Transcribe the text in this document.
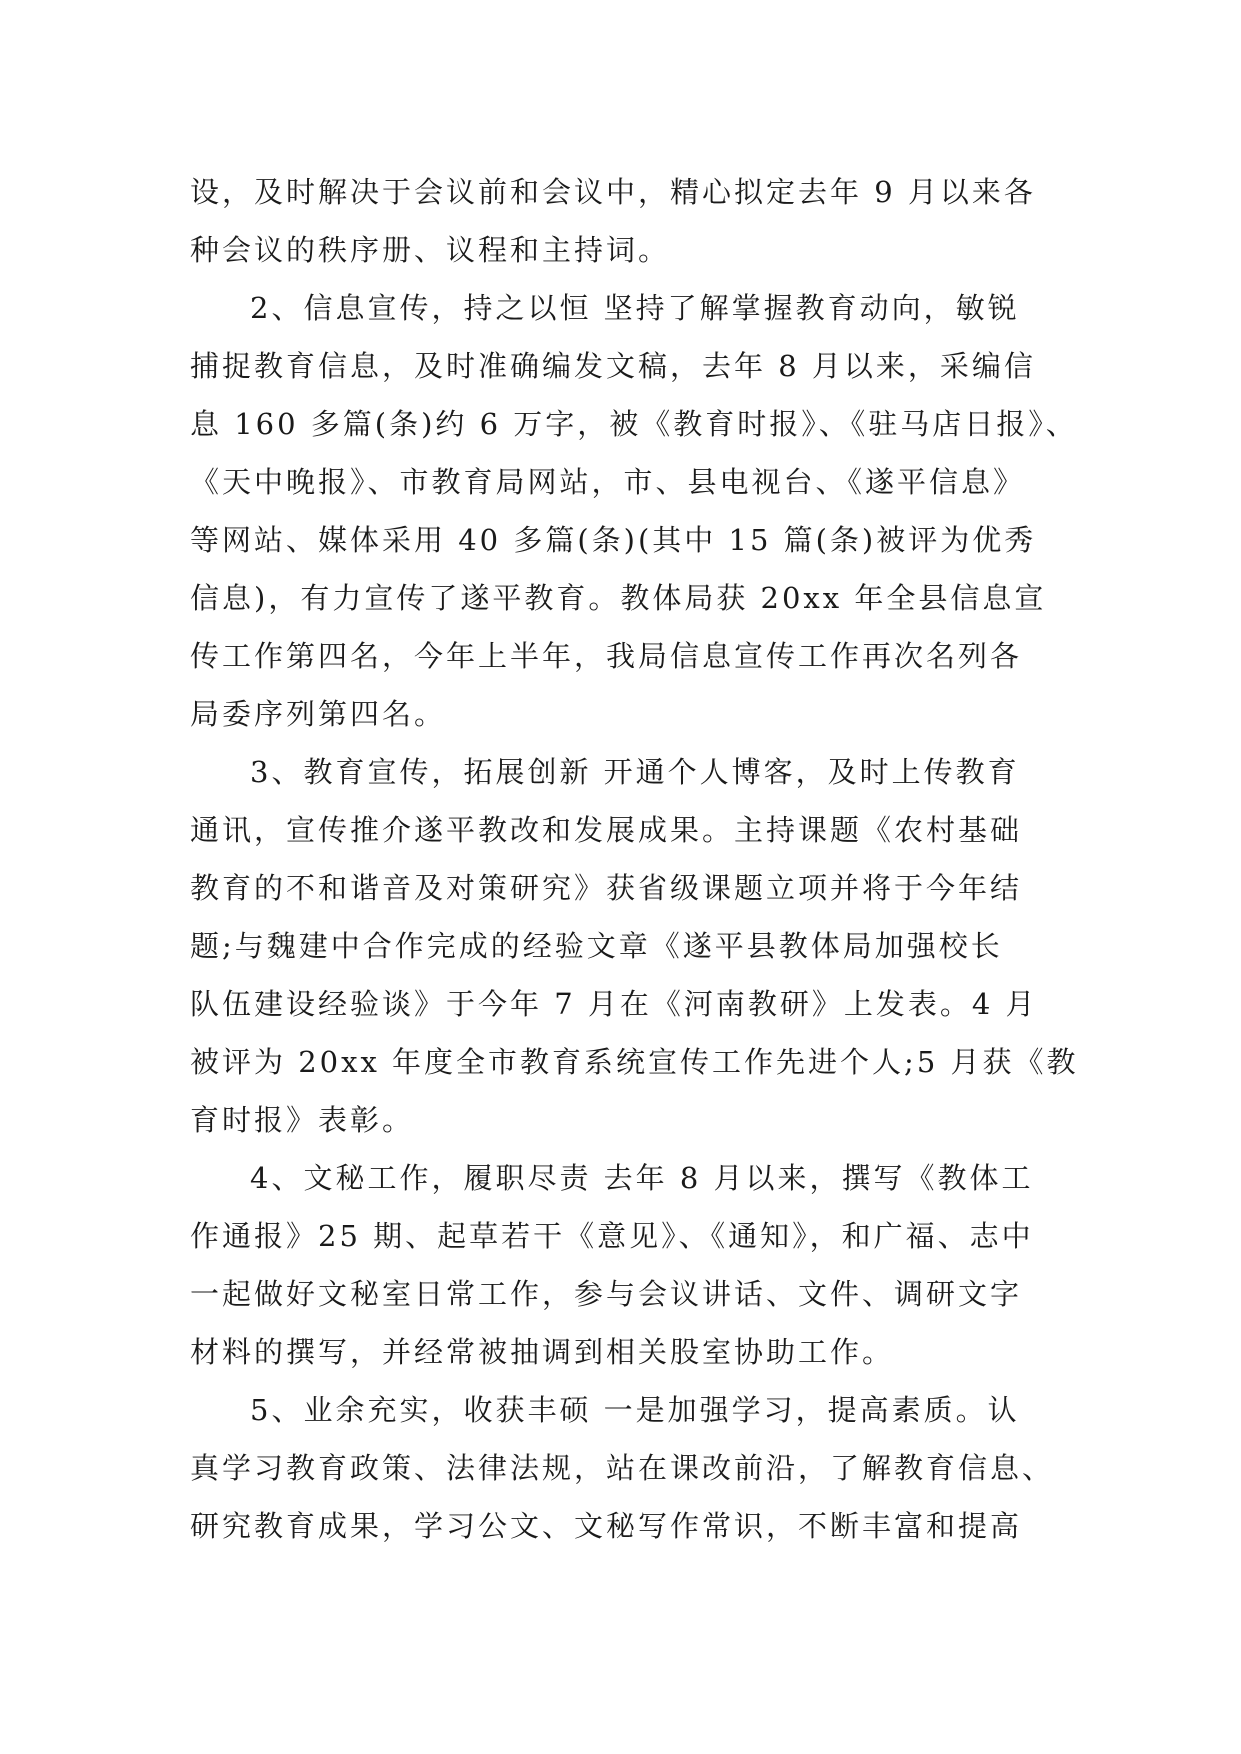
设，及时解决于会议前和会议中，精心拟定去年 9 月以来各
种会议的秩序册、议程和主持词。
2、信息宣传，持之以恒 坚持了解掌握教育动向，敏锐
捕捉教育信息，及时准确编发文稿，去年 8 月以来，采编信
息 160 多篇(条)约 6 万字，被《教育时报》、《驻马店日报》、
《天中晚报》、市教育局网站，市、县电视台、《遂平信息》
等网站、媒体采用 40 多篇(条)(其中 15 篇(条)被评为优秀
信息)，有力宣传了遂平教育。教体局获 20xx 年全县信息宣
传工作第四名，今年上半年，我局信息宣传工作再次名列各
局委序列第四名。
3、教育宣传，拓展创新 开通个人博客，及时上传教育
通讯，宣传推介遂平教改和发展成果。主持课题《农村基础
教育的不和谐音及对策研究》获省级课题立项并将于今年结
题;与魏建中合作完成的经验文章《遂平县教体局加强校长
队伍建设经验谈》于今年 7 月在《河南教研》上发表。4 月
被评为 20xx 年度全市教育系统宣传工作先进个人;5 月获《教
育时报》表彰。
4、文秘工作，履职尽责 去年 8 月以来，撰写《教体工
作通报》25 期、起草若干《意见》、《通知》，和广福、志中
一起做好文秘室日常工作，参与会议讲话、文件、调研文字
材料的撰写，并经常被抽调到相关股室协助工作。
5、业余充实，收获丰硕 一是加强学习，提高素质。认
真学习教育政策、法律法规，站在课改前沿，了解教育信息、
研究教育成果，学习公文、文秘写作常识，不断丰富和提高
